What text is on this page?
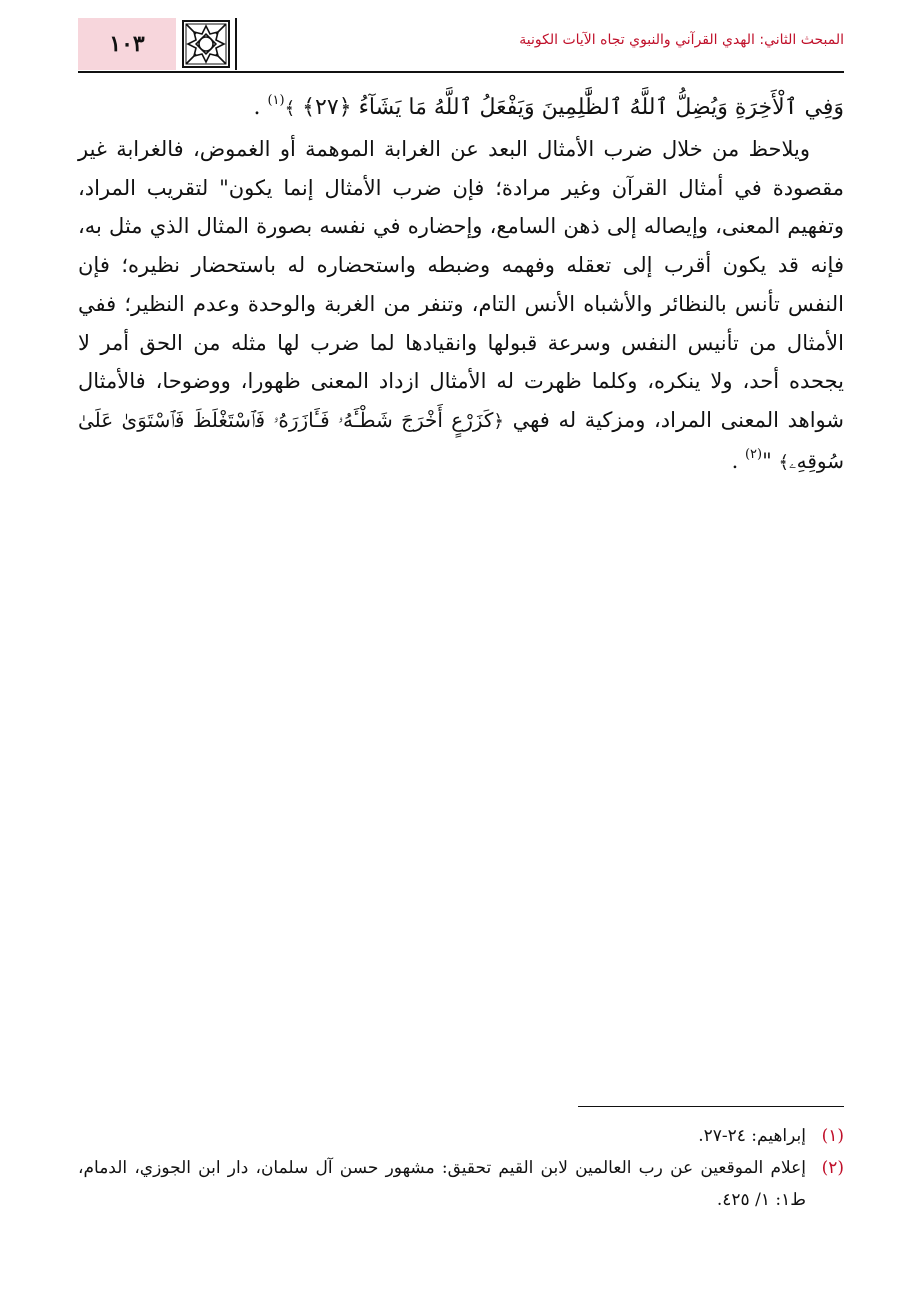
١٠٣	المبحث الثاني: الهدي القرآني والنبوي تجاه الآيات الكونية
وَفِي ٱلْأَخِرَةِ وَيُضِلُّ ٱللَّهُ ٱلظَّٰلِمِينَ وَيَفْعَلُ ٱللَّهُ مَا يَشَآءُ ﴿٢٧﴾ ﴾$^{(١)}$ .
ويلاحظ من خلال ضرب الأمثال البعد عن الغرابة الموهمة أو الغموض، فالغرابة غير مقصودة في أمثال القرآن وغير مرادة؛ فإن ضرب الأمثال إنما يكون" لتقريب المراد، وتفهيم المعنى، وإيصاله إلى ذهن السامع، وإحضاره في نفسه بصورة المثال الذي مثل به، فإنه قد يكون أقرب إلى تعقله وفهمه وضبطه واستحضاره له باستحضار نظيره؛ فإن النفس تأنس بالنظائر والأشباه الأنس التام، وتنفر من الغربة والوحدة وعدم النظير؛ ففي الأمثال من تأنيس النفس وسرعة قبولها وانقيادها لما ضرب لها مثله من الحق أمر لا يجحده أحد، ولا ينكره، وكلما ظهرت له الأمثال ازداد المعنى ظهورا، ووضوحا، فالأمثال شواهد المعنى المراد، ومزكية له فهي ﴿كَزَرْعٍ أَخْرَجَ شَطْـَٔهُۥ فَـَٔازَرَهُۥ فَٱسْتَغْلَظَ فَٱسْتَوَىٰ عَلَىٰ سُوقِهِۦ﴾ "$^{(٢)}$ .
(١)
إبراهيم: ٢٤-٢٧.
(٢)
إعلام الموقعين عن رب العالمين لابن القيم تحقيق: مشهور حسن آل سلمان، دار ابن الجوزي، الدمام، ط١: ١/ ٤٢٥.
